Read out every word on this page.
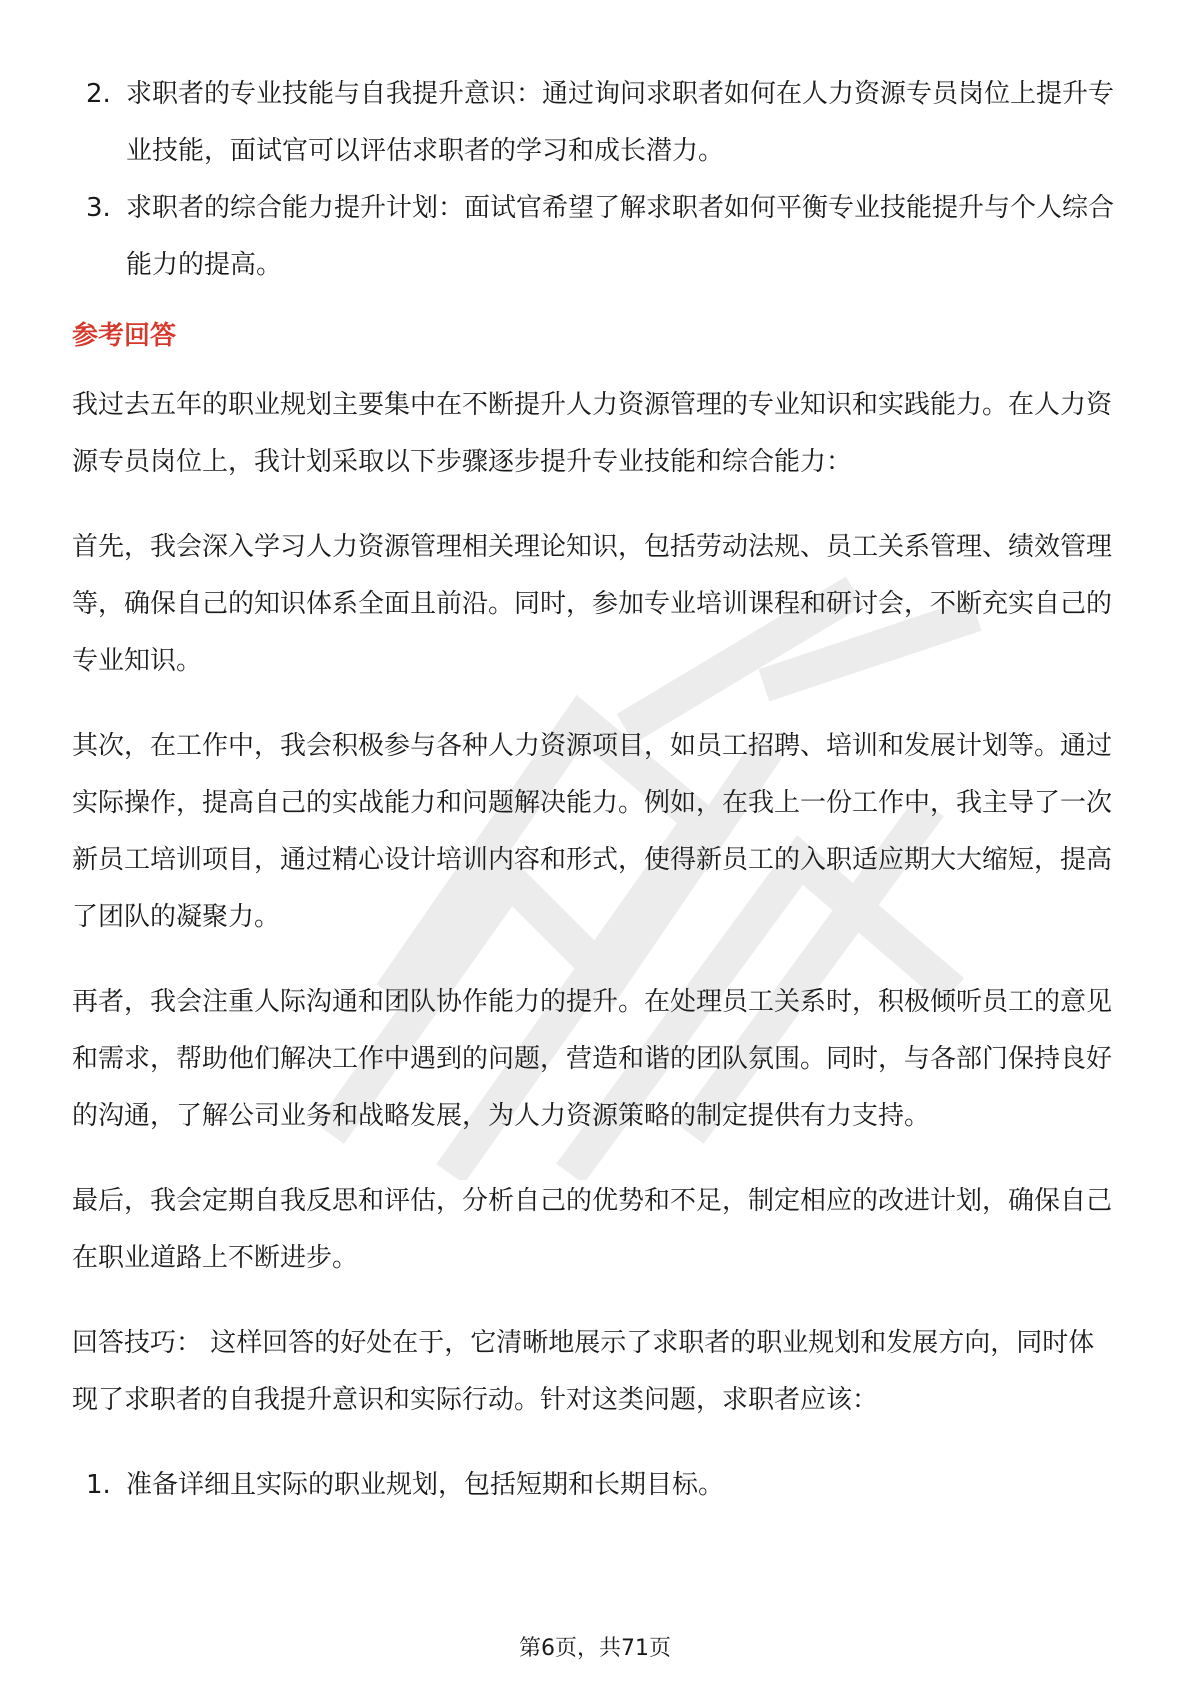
2. 求职者的专业技能与自我提升意识：通过询问求职者如何在人力资源专员岗位上提升专业技能，面试官可以评估求职者的学习和成长潜力。
3. 求职者的综合能力提升计划：面试官希望了解求职者如何平衡专业技能提升与个人综合能力的提高。
参考回答

我过去五年的职业规划主要集中在不断提升人力资源管理的专业知识和实践能力。在人力资源专员岗位上，我计划采取以下步骤逐步提升专业技能和综合能力：

首先，我会深入学习人力资源管理相关理论知识，包括劳动法规、员工关系管理、绩效管理等，确保自己的知识体系全面且前沿。同时，参加专业培训课程和研讨会，不断充实自己的专业知识。

其次，在工作中，我会积极参与各种人力资源项目，如员工招聘、培训和发展计划等。通过实际操作，提高自己的实战能力和问题解决能力。例如，在我上一份工作中，我主导了一次新员工培训项目，通过精心设计培训内容和形式，使得新员工的入职适应期大大缩短，提高了团队的凝聚力。

再者，我会注重人际沟通和团队协作能力的提升。在处理员工关系时，积极倾听员工的意见和需求，帮助他们解决工作中遇到的问题，营造和谐的团队氛围。同时，与各部门保持良好的沟通，了解公司业务和战略发展，为人力资源策略的制定提供有力支持。

最后，我会定期自我反思和评估，分析自己的优势和不足，制定相应的改进计划，确保自己在职业道路上不断进步。

回答技巧： 这样回答的好处在于，它清晰地展示了求职者的职业规划和发展方向，同时体现了求职者的自我提升意识和实际行动。针对这类问题，求职者应该：

1. 准备详细且实际的职业规划，包括短期和长期目标。
第6页，共71页
